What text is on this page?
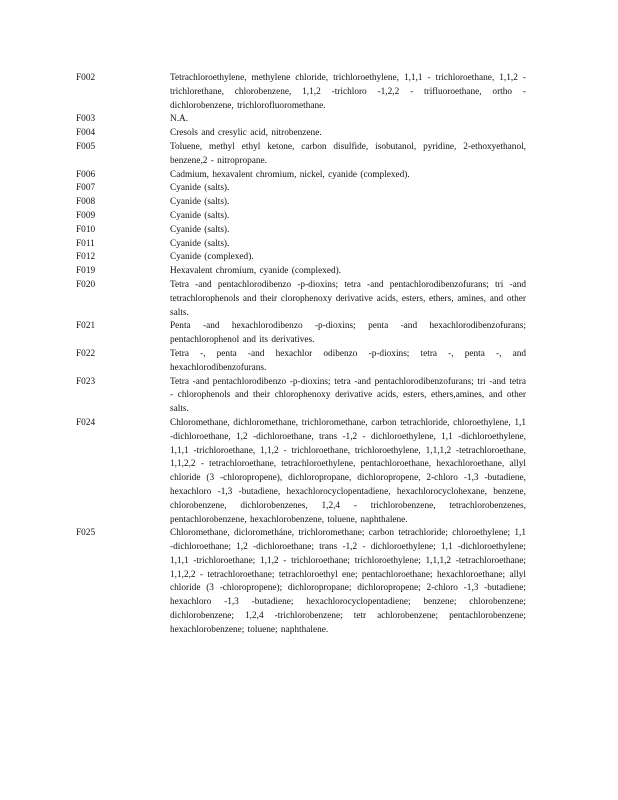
F002	Tetrachloroethylene, methylene chloride, trichloroethylene, 1,1,1 - trichloroethane, 1,1,2 -trichlorethane, chlorobenzene, 1,1,2 -trichloro -1,2,2 - trifluoroethane, ortho -dichlorobenzene, trichlorofluoromethane.
F003	N.A.
F004	Cresols and cresylic acid, nitrobenzene.
F005	Toluene, methyl ethyl ketone, carbon disulfide, isobutanol, pyridine, 2-ethoxyethanol, benzene,2 - nitropropane.
F006	Cadmium, hexavalent chromium, nickel, cyanide (complexed).
F007	Cyanide (salts).
F008	Cyanide (salts).
F009	Cyanide (salts).
F010	Cyanide (salts).
F011	Cyanide (salts).
F012	Cyanide (complexed).
F019	Hexavalent chromium, cyanide (complexed).
F020	Tetra -and pentachlorodibenzo -p-dioxins; tetra -and pentachlorodibenzofurans; tri -and tetrachlorophenols and their clorophenoxy derivative acids, esters, ethers, amines, and other salts.
F021	Penta -and hexachlorodibenzo -p-dioxins; penta -and hexachlorodibenzofurans; pentachlorophenol and its derivatives.
F022	Tetra -, penta -and hexachlor odibenzo -p-dioxins; tetra -, penta -, and hexachlorodibenzofurans.
F023	Tetra -and pentachlorodibenzo -p-dioxins; tetra -and pentachlorodibenzofurans; tri -and tetra - chlorophenols and their chlorophenoxy derivative acids, esters, ethers,amines, and other salts.
F024	Chloromethane, dichloromethane, trichloromethane, carbon tetrachloride, chloroethylene, 1,1 -dichloroethane, 1,2 -dichloroethane, trans -1,2 - dichloroethylene, 1,1 -dichloroethylene, 1,1,1 -trichloroethane, 1,1,2 - trichloroethane, trichloroethylene, 1,1,1,2 -tetrachloroethane, 1,1,2,2 - tetrachloroethane, tetrachloroethylene, pentachloroethane, hexachloroethane, allyl chloride (3 -chloropropene), dichloropropane, dichloropropene, 2-chloro -1,3 -butadiene, hexachloro -1,3 -butadiene, hexachlorocyclopentadiene, hexachlorocyclohexane, benzene, chlorobenzene, dichlorobenzenes, 1,2,4 - trichlorobenzene, tetrachlorobenzenes, pentachlorobenzene, hexachlorobenzene, toluene, naphthalene.
F025	Chloromethane, diclorometháne, trichloromethane; carbon tetrachloride; chloroethylene; 1,1 -dichloroethane; 1,2 -dichloroethane; trans -1,2 - dichloroethylene; 1,1 -dichloroethylene; 1,1,1 -trichloroethane; 1,1,2 - trichloroethane; trichloroethylene; 1,1,1,2 -tetrachloroethane; 1,1,2,2 - tetrachloroethane; tetrachloroethyl ene; pentachloroethane; hexachloroethane; allyl chloride (3 -chloropropene); dichloropropane; dichloropropene; 2-chloro -1,3 -butadiene; hexachloro -1,3 -butadiene; hexachlorocyclopentadiene; benzene; chlorobenzene; dichlorobenzene; 1,2,4 -trichlorobenzene; tetr achlorobenzene; pentachlorobenzene; hexachlorobenzene; toluene; naphthalene.
